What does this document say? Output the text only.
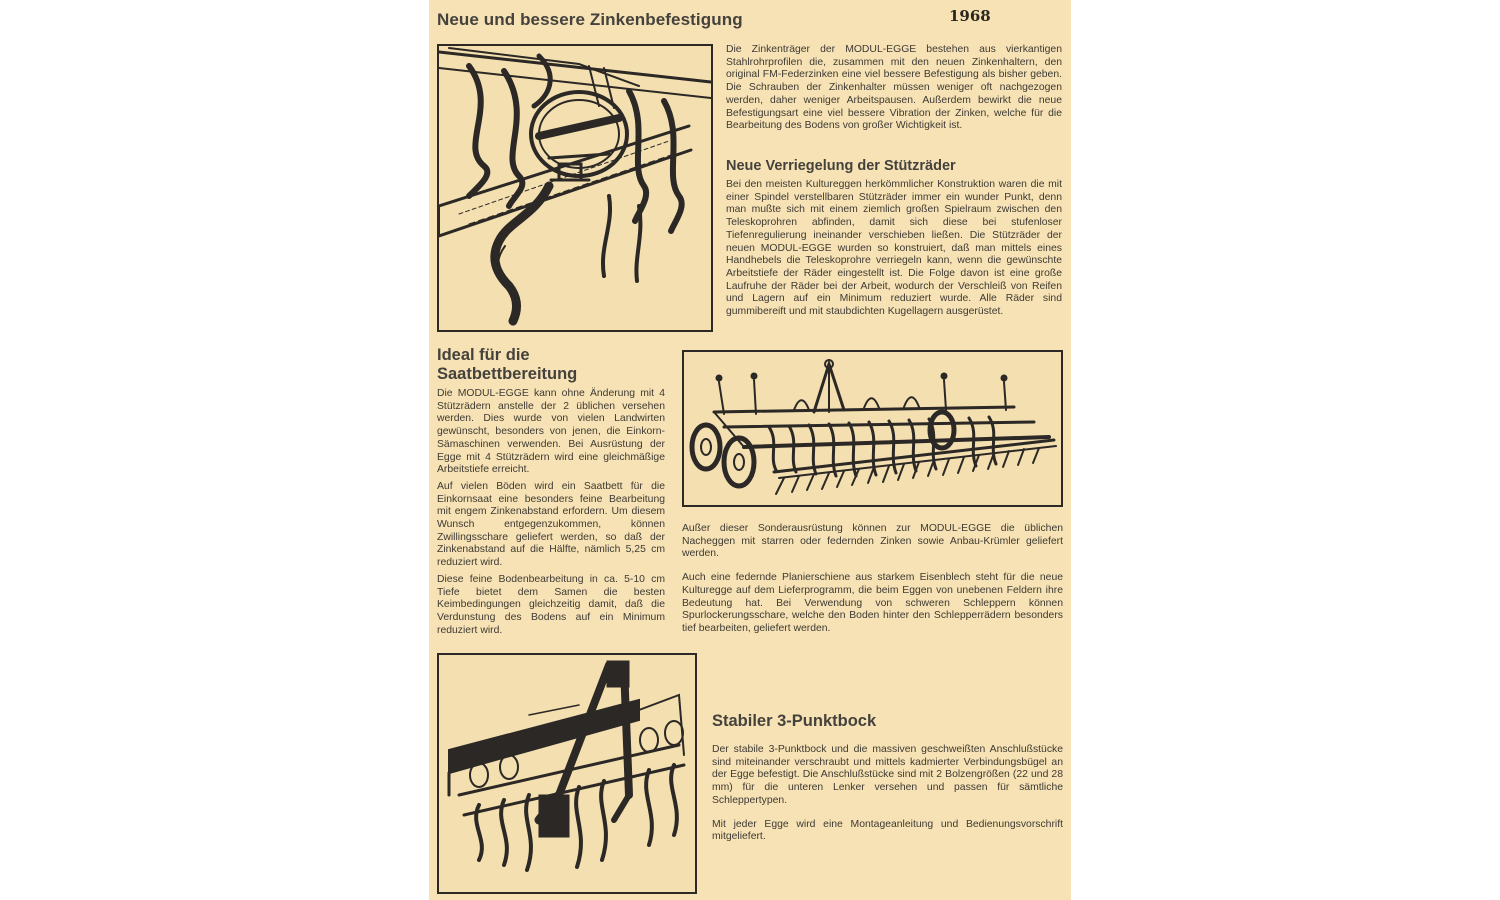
Neue und bessere Zinkenbefestigung	1968

Die Zinkenträger der MODUL-EGGE bestehen aus vierkantigen Stahlrohrprofilen die, zusammen mit den neuen Zinkenhaltern, den original FM-Federzinken eine viel bessere Befestigung als bisher geben. Die Schrauben der Zinkenhalter müssen weniger oft nachgezogen werden, daher weniger Arbeitspausen. Außerdem bewirkt die neue Befestigungsart eine viel bessere Vibration der Zinken, welche für die Bearbeitung des Bodens von großer Wichtigkeit ist.

Neue Verriegelung der Stützräder

Bei den meisten Kultureggen herkömmlicher Konstruktion waren die mit einer Spindel verstellbaren Stützräder immer ein wunder Punkt, denn man mußte sich mit einem ziemlich großen Spielraum zwischen den Teleskoprohren abfinden, damit sich diese bei stufenloser Tiefenregulierung ineinander verschieben ließen. Die Stützräder der neuen MODUL-EGGE wurden so konstruiert, daß man mittels eines Handhebels die Teleskoprohre verriegeln kann, wenn die gewünschte Arbeitstiefe der Räder eingestellt ist. Die Folge davon ist eine große Laufruhe der Räder bei der Arbeit, wodurch der Verschleiß von Reifen und Lagern auf ein Minimum reduziert wurde. Alle Räder sind gummibereift und mit staubdichten Kugellagern ausgerüstet.

Ideal für die
Saatbettbereitung

Die MODUL-EGGE kann ohne Änderung mit 4 Stützrädern anstelle der 2 üblichen versehen werden. Dies wurde von vielen Landwirten gewünscht, besonders von jenen, die Einkorn-Sämaschinen verwenden. Bei Ausrüstung der Egge mit 4 Stützrädern wird eine gleichmäßige Arbeitstiefe erreicht.

Auf vielen Böden wird ein Saatbett für die Einkornsaat eine besonders feine Bearbeitung mit engem Zinkenabstand erfordern. Um diesem Wunsch entgegenzukommen, können Zwillingsschare geliefert werden, so daß der Zinkenabstand auf die Hälfte, nämlich 5,25 cm reduziert wird.

Diese feine Bodenbearbeitung in ca. 5-10 cm Tiefe bietet dem Samen die besten Keimbedingungen gleichzeitig damit, daß die Verdunstung des Bodens auf ein Minimum reduziert wird.

Außer dieser Sonderausrüstung können zur MODUL-EGGE die üblichen Nacheggen mit starren oder federnden Zinken sowie Anbau-Krümler geliefert werden.

Auch eine federnde Planierschiene aus starkem Eisenblech steht für die neue Kulturegge auf dem Lieferprogramm, die beim Eggen von unebenen Feldern ihre Bedeutung hat. Bei Verwendung von schweren Schleppern können Spurlockerungsschare, welche den Boden hinter den Schlepperrädern besonders tief bearbeiten, geliefert werden.

Stabiler 3-Punktbock

Der stabile 3-Punktbock und die massiven geschweißten Anschlußstücke sind miteinander verschraubt und mittels kadmierter Verbindungsbügel an der Egge befestigt. Die Anschlußstücke sind mit 2 Bolzengrößen (22 und 28 mm) für die unteren Lenker versehen und passen für sämtliche Schleppertypen.

Mit jeder Egge wird eine Montageanleitung und Bedienungsvorschrift mitgeliefert.
